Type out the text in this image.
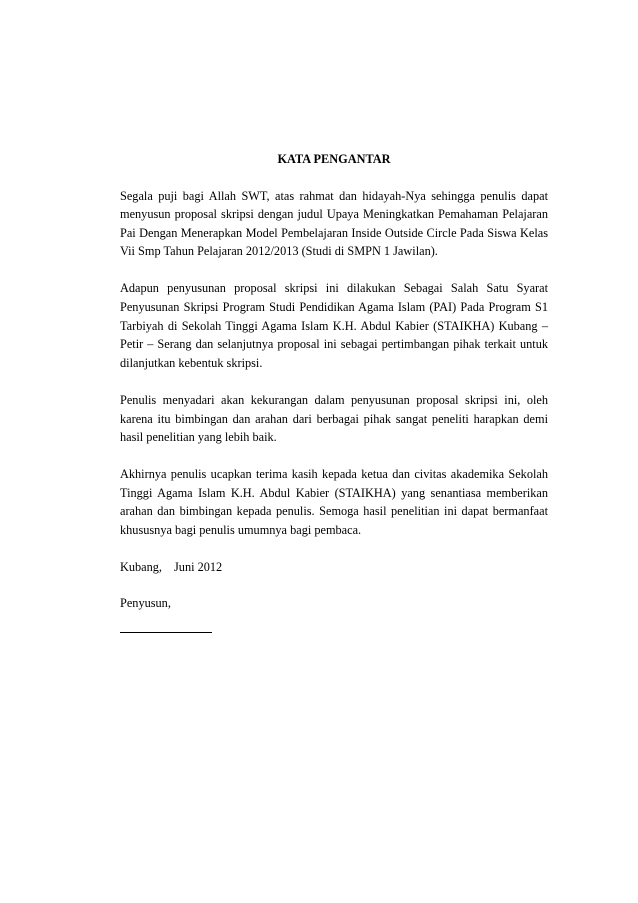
KATA PENGANTAR

Segala puji bagi Allah SWT, atas rahmat dan hidayah-Nya sehingga penulis dapat menyusun proposal skripsi dengan judul Upaya Meningkatkan Pemahaman Pelajaran Pai Dengan Menerapkan Model Pembelajaran Inside Outside Circle Pada Siswa Kelas Vii Smp Tahun Pelajaran 2012/2013 (Studi di SMPN 1 Jawilan).

Adapun penyusunan proposal skripsi ini dilakukan Sebagai Salah Satu Syarat Penyusunan Skripsi Program Studi Pendidikan Agama Islam (PAI) Pada Program S1 Tarbiyah di Sekolah Tinggi Agama Islam K.H. Abdul Kabier (STAIKHA) Kubang – Petir – Serang dan selanjutnya proposal ini sebagai pertimbangan pihak terkait untuk dilanjutkan kebentuk skripsi.

Penulis menyadari akan kekurangan dalam penyusunan proposal skripsi ini, oleh karena itu bimbingan dan arahan dari berbagai pihak sangat peneliti harapkan demi hasil penelitian yang lebih baik.

Akhirnya penulis ucapkan terima kasih kepada ketua dan civitas akademika Sekolah Tinggi Agama Islam K.H. Abdul Kabier (STAIKHA) yang senantiasa memberikan arahan dan bimbingan kepada penulis. Semoga hasil penelitian ini dapat bermanfaat khususnya bagi penulis umumnya bagi pembaca.

Kubang, Juni 2012
Penyusun,
